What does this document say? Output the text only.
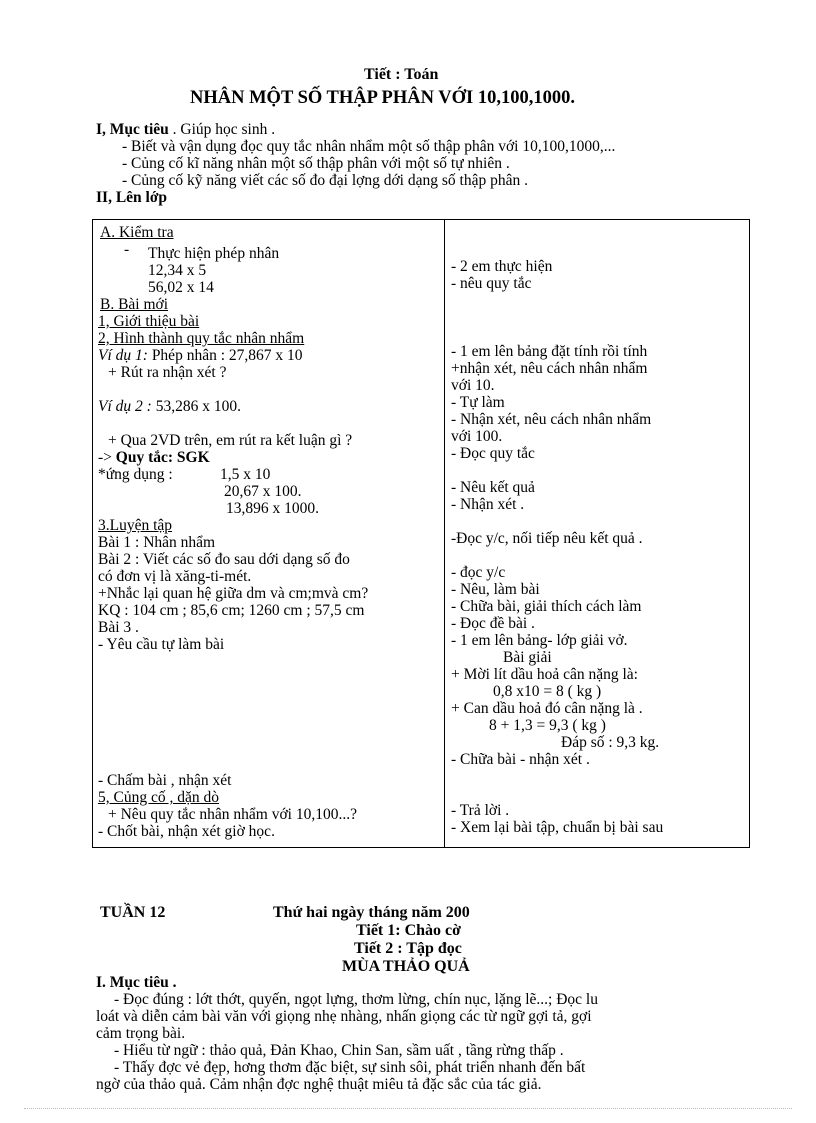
Tiết : Toán
NHÂN MỘT SỐ THẬP PHÂN VỚI 10,100,1000.
I, Mục tiêu . Giúp học sinh .
- Biết và vận dụng đọc quy tắc nhân nhẩm một số thập phân với 10,100,1000,...
- Củng cố kĩ năng nhân một số thập phân với một số tự nhiên .
- Củng cố kỹ năng viết các số đo đại lợng dới dạng số thập phân .
II, Lên lớp
A. Kiểm tra
- Thực hiện phép nhân
12,34 x 5
56,02 x 14
B. Bài mới
1, Giới thiệu bài
2, Hình thành quy tắc nhân nhẩm
Ví dụ 1: Phép nhân : 27,867 x 10
+ Rút ra nhận xét ?
Ví dụ 2 : 53,286 x 100.
+ Qua 2VD trên, em rút ra kết luận gì ?
-> Quy tắc: SGK
*ứng dụng :	1,5 x 10
20,67 x 100.
13,896 x 1000.
3.Luyện tập
Bài 1 : Nhân nhẩm
Bài 2 : Viết các số đo sau dới dạng số đo
có đơn vị là xăng-ti-mét.
+Nhắc lại quan hệ giữa dm và cm;mvà cm?
KQ : 104 cm ; 85,6 cm; 1260 cm ; 57,5 cm
Bài 3 .
- Yêu cầu tự làm bài
- Chấm bài , nhận xét
5, Củng cố , dặn dò
+ Nêu quy tắc nhân nhẩm với 10,100...?
- Chốt bài, nhận xét giờ học.
- 2 em thực hiện
- nêu quy tắc
- 1 em lên bảng đặt tính rồi tính
+nhận xét, nêu cách nhân nhẩm
với 10.
- Tự làm
- Nhận xét, nêu cách nhân nhẩm
với 100.
- Đọc quy tắc
- Nêu kết quả
- Nhận xét .
-Đọc y/c, nối tiếp nêu kết quả .
- đọc y/c
- Nêu, làm bài
- Chữa bài, giải thích cách làm
- Đọc đề bài .
- 1 em lên bảng- lớp giải vở.
Bài giải
+ Mời lít dầu hoả cân nặng là:
0,8 x10 = 8 ( kg )
+ Can dầu hoả đó cân nặng là .
8 + 1,3 = 9,3 ( kg )
Đáp số : 9,3 kg.
- Chữa bài - nhận xét .
- Trả lời .
- Xem lại bài tập, chuẩn bị bài sau
TUẦN 12	Thứ hai ngày tháng năm 200
Tiết 1: Chào cờ
Tiết 2 : Tập đọc
MÙA THẢO QUẢ
I. Mục tiêu .
- Đọc đúng : lớt thớt, quyến, ngọt lựng, thơm lừng, chín nục, lặng lẽ...; Đọc lu
loát và diễn cảm bài văn với giọng nhẹ nhàng, nhấn giọng các từ ngữ gợi tả, gợi
cảm trọng bài.
- Hiểu từ ngữ : thảo quả, Đản Khao, Chin San, sầm uất , tầng rừng thấp .
- Thấy đợc vẻ đẹp, hơng thơm đặc biệt, sự sinh sôi, phát triển nhanh đến bất
ngờ của thảo quả. Cảm nhận đợc nghệ thuật miêu tả đặc sắc của tác giả.
